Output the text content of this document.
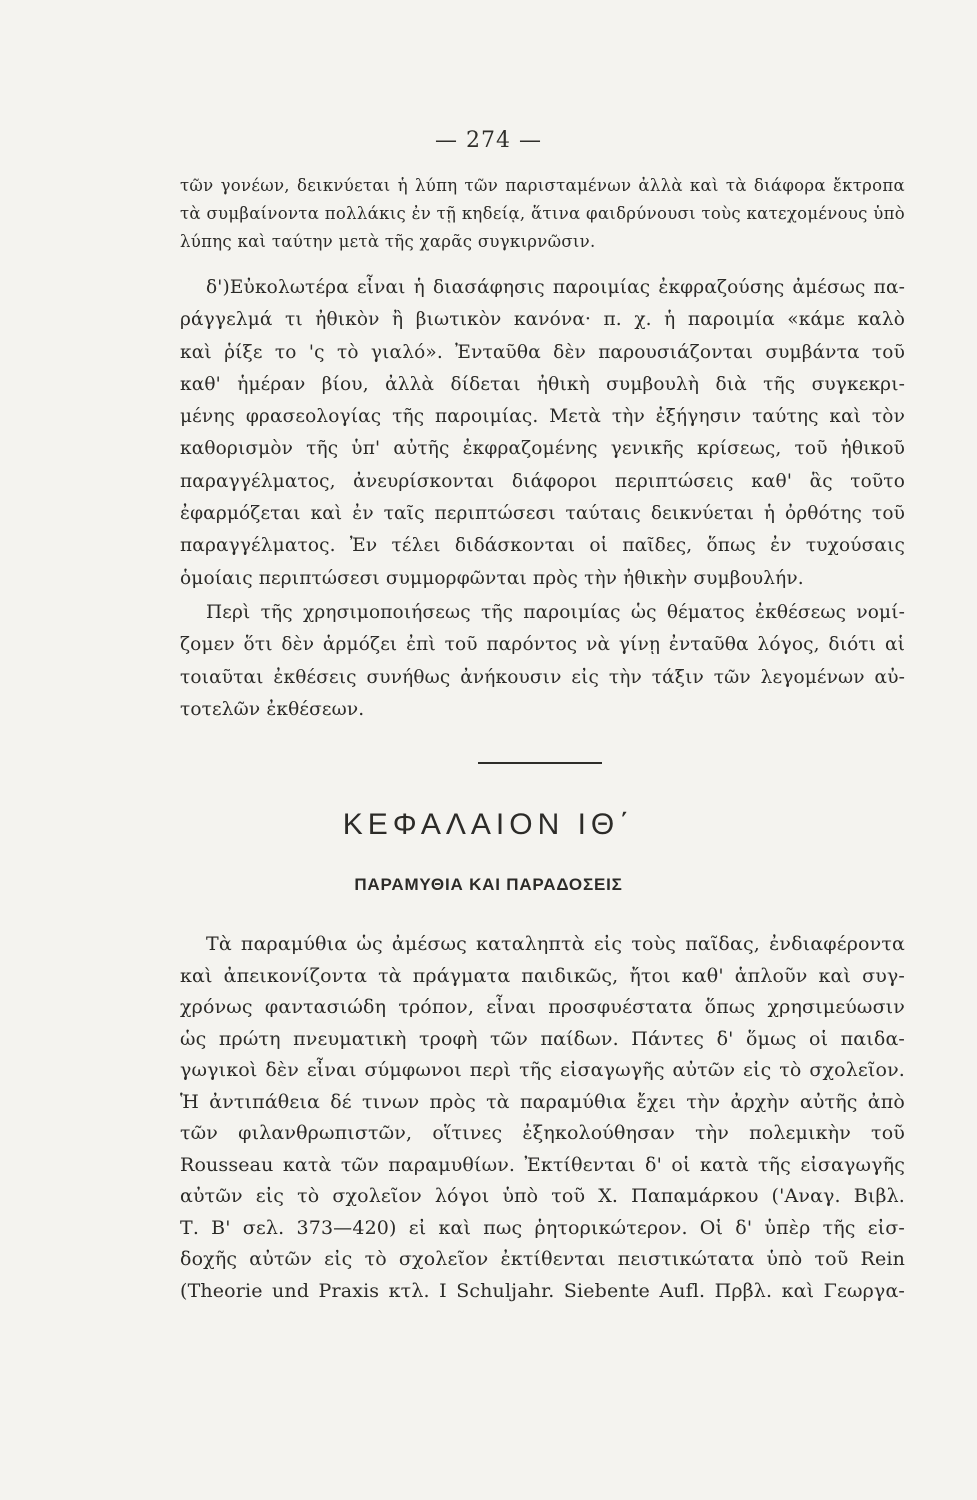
— 274 —
τῶν γονέων, δεικνύεται ἡ λύπη τῶν παρισταμένων ἀλλὰ καὶ τὰ διάφορα ἔκτροπα
τὰ συμβαίνοντα πολλάκις ἐν τῇ κηδείᾳ, ἅτινα φαιδρύνουσι τοὺς κατεχομένους ὑπὸ
λύπης καὶ ταύτην μετὰ τῆς χαρᾶς συγκιρνῶσιν.
δ')Εὐκολωτέρα εἶναι ἡ διασάφησις παροιμίας ἐκφραζούσης ἀμέσως πα-
ράγγελμά τι ἠθικὸν ἢ βιωτικὸν κανόνα· π. χ. ἡ παροιμία «κάμε καλὸ
καὶ ῥίξε το 'ς τὸ γιαλό». Ἐνταῦθα δὲν παρουσιάζονται συμβάντα τοῦ
καθ' ἡμέραν βίου, ἀλλὰ δίδεται ἠθικὴ συμβουλὴ διὰ τῆς συγκεκρι-
μένης φρασεολογίας τῆς παροιμίας. Μετὰ τὴν ἐξήγησιν ταύτης καὶ τὸν
καθορισμὸν τῆς ὑπ' αὐτῆς ἐκφραζομένης γενικῆς κρίσεως, τοῦ ἠθικοῦ
παραγγέλματος, ἀνευρίσκονται διάφοροι περιπτώσεις καθ' ἃς τοῦτο
ἐφαρμόζεται καὶ ἐν ταῖς περιπτώσεσι ταύταις δεικνύεται ἡ ὀρθότης τοῦ
παραγγέλματος. Ἐν τέλει διδάσκονται οἱ παῖδες, ὅπως ἐν τυχούσαις
ὁμοίαις περιπτώσεσι συμμορφῶνται πρὸς τὴν ἠθικὴν συμβουλήν.
Περὶ τῆς χρησιμοποιήσεως τῆς παροιμίας ὡς θέματος ἐκθέσεως νομί-
ζομεν ὅτι δὲν ἁρμόζει ἐπὶ τοῦ παρόντος νὰ γίνῃ ἐνταῦθα λόγος, διότι αἱ
τοιαῦται ἐκθέσεις συνήθως ἀνήκουσιν εἰς τὴν τάξιν τῶν λεγομένων αὐ-
τοτελῶν ἐκθέσεων.
ΚΕΦΑΛΑΙΟΝ ΙΘ΄
ΠΑΡΑΜΥΘΙΑ ΚΑΙ ΠΑΡΑΔΟΣΕΙΣ
Τὰ παραμύθια ὡς ἀμέσως καταληπτὰ εἰς τοὺς παῖδας, ἐνδιαφέροντα
καὶ ἀπεικονίζοντα τὰ πράγματα παιδικῶς, ἤτοι καθ' ἁπλοῦν καὶ συγ-
χρόνως φαντασιώδη τρόπον, εἶναι προσφυέστατα ὅπως χρησιμεύωσιν
ὡς πρώτη πνευματικὴ τροφὴ τῶν παίδων. Πάντες δ' ὅμως οἱ παιδα-
γωγικοὶ δὲν εἶναι σύμφωνοι περὶ τῆς εἰσαγωγῆς αὐτῶν εἰς τὸ σχολεῖον.
Ἡ ἀντιπάθεια δέ τινων πρὸς τὰ παραμύθια ἔχει τὴν ἀρχὴν αὐτῆς ἀπὸ
τῶν φιλανθρωπιστῶν, οἵτινες ἐξηκολούθησαν τὴν πολεμικὴν τοῦ
Rousseau κατὰ τῶν παραμυθίων. Ἐκτίθενται δ' οἱ κατὰ τῆς εἰσαγωγῆς
αὐτῶν εἰς τὸ σχολεῖον λόγοι ὑπὸ τοῦ Χ. Παπαμάρκου ('Αναγ. Βιβλ.
Τ. Β' σελ. 373—420) εἰ καὶ πως ῥητορικώτερον. Οἱ δ' ὑπὲρ τῆς εἰσ-
δοχῆς αὐτῶν εἰς τὸ σχολεῖον ἐκτίθενται πειστικώτατα ὑπὸ τοῦ Rein
(Theorie und Praxis κτλ. I Schuljahr. Siebente Aufl. Πρβλ. καὶ Γεωργα-
